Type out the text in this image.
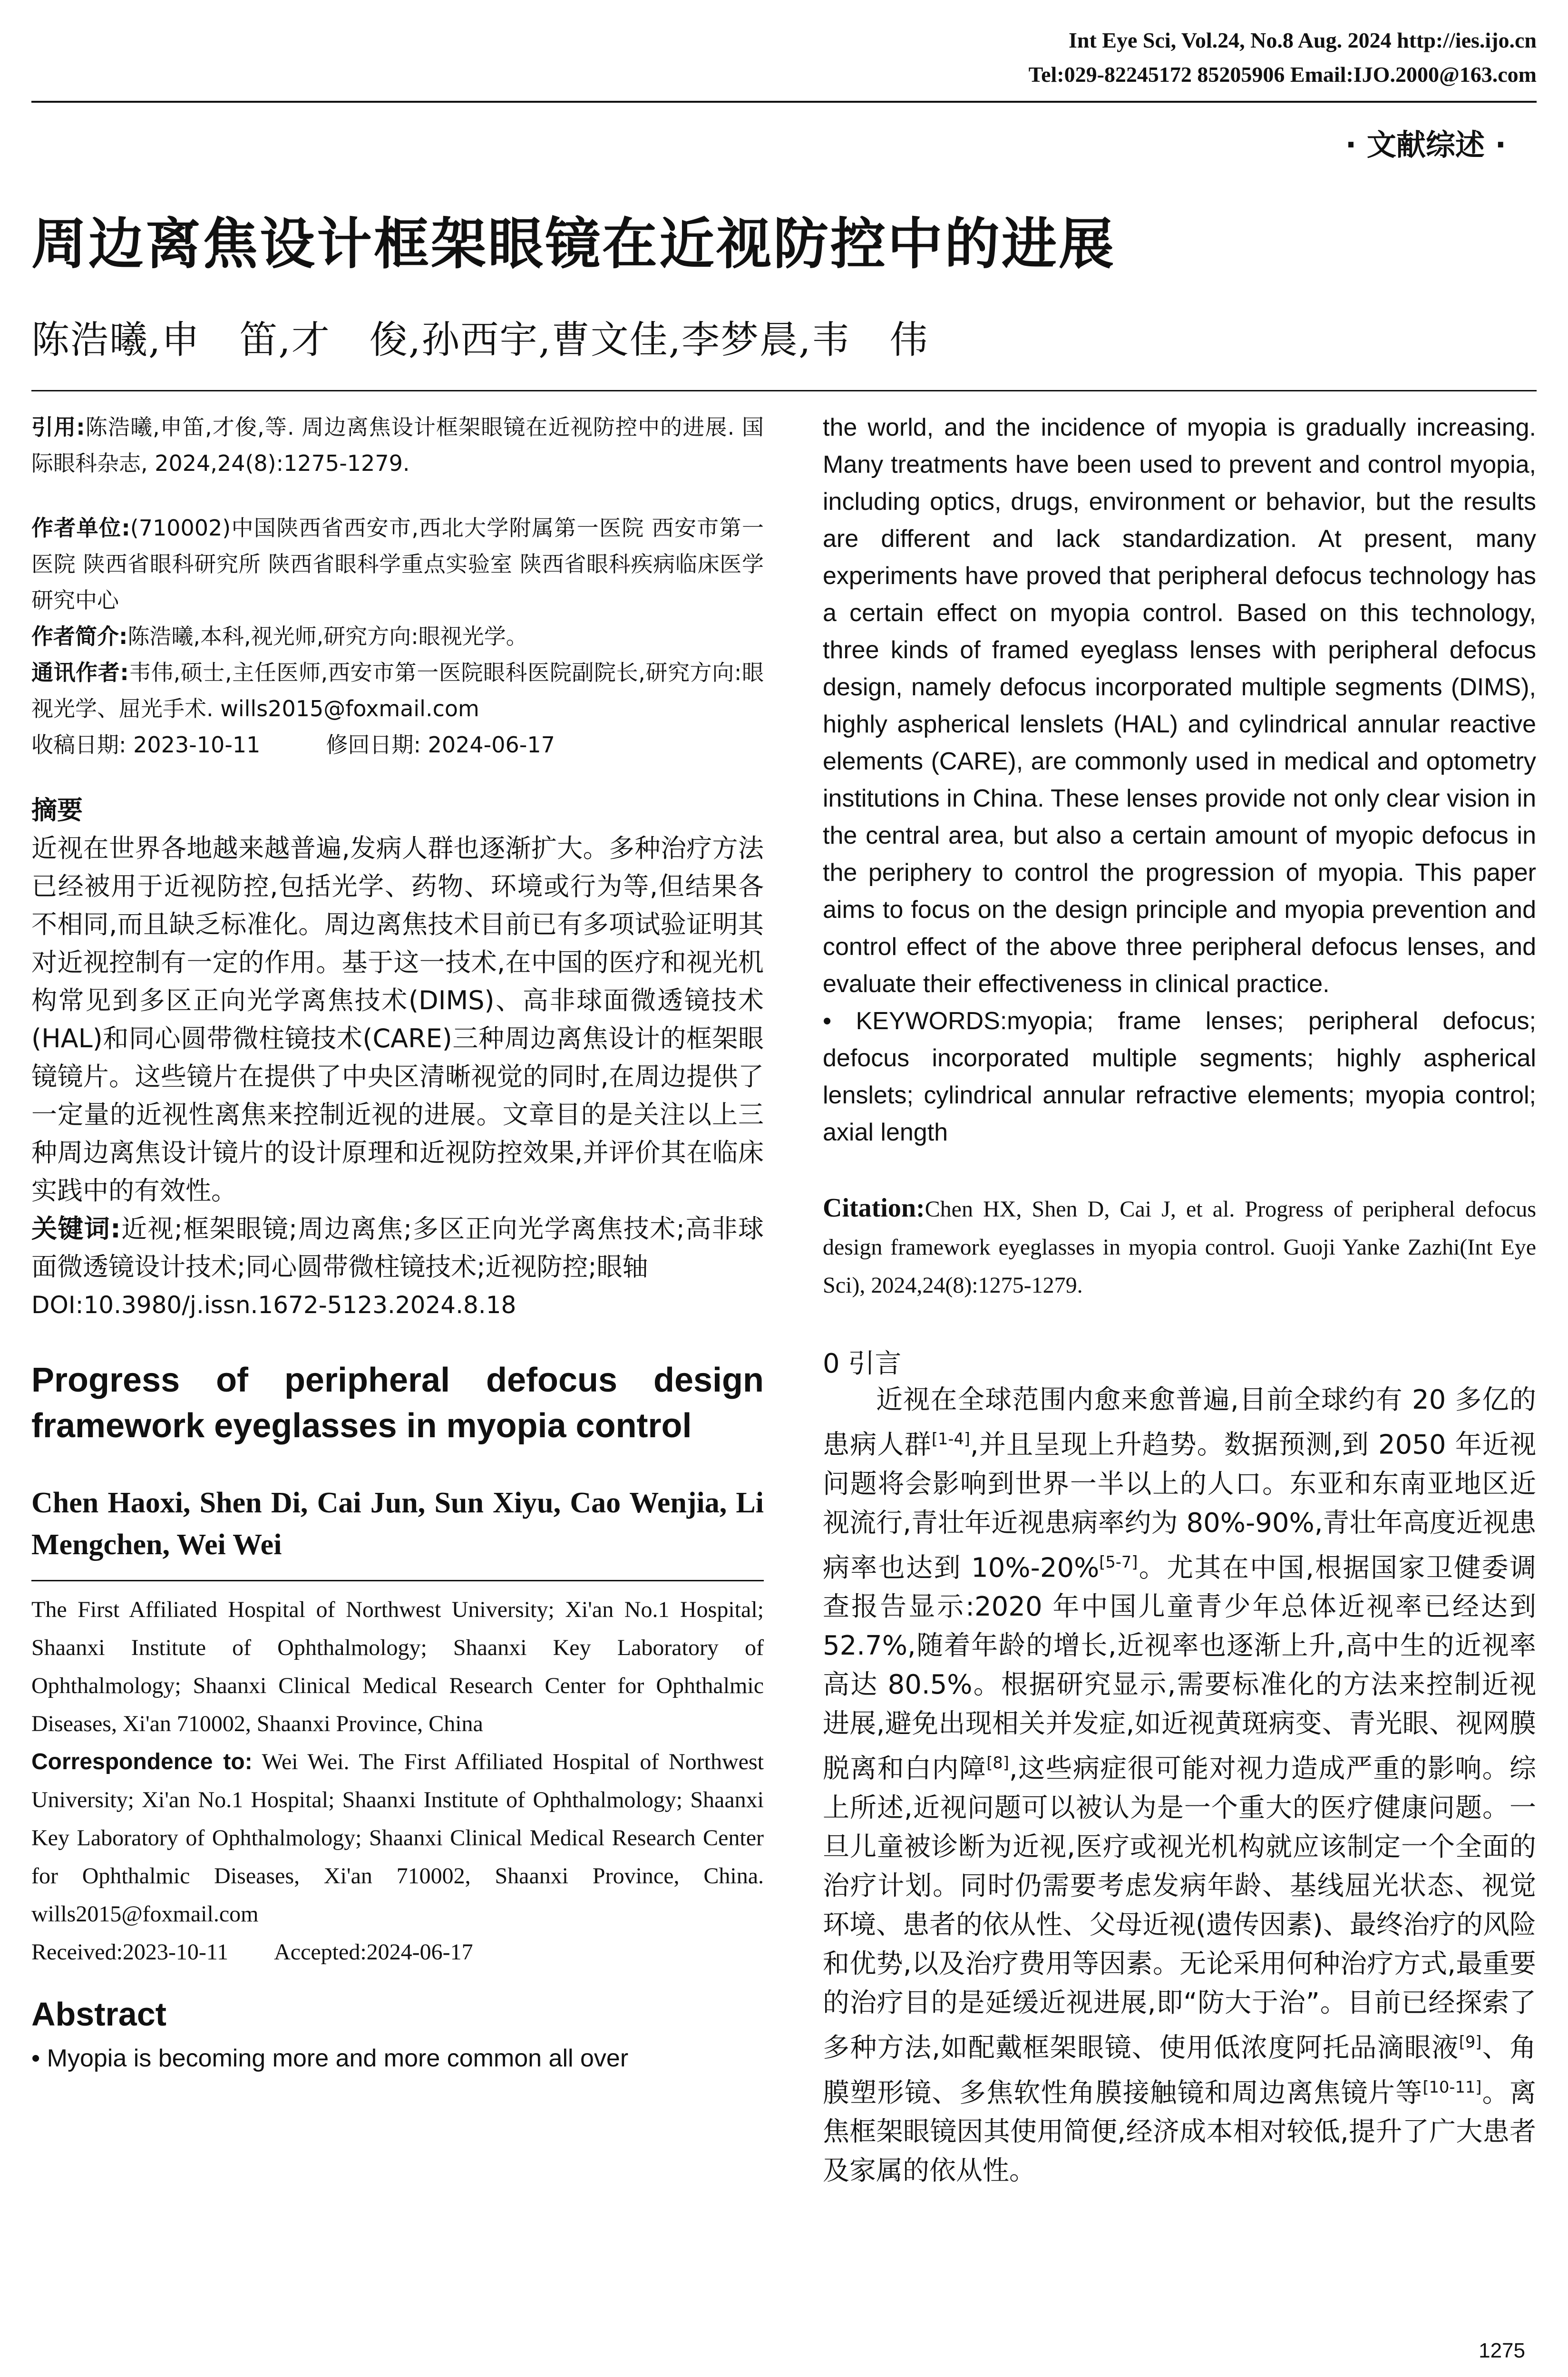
Int Eye Sci, Vol.24, No.8 Aug. 2024 http://ies.ijo.cn
Tel:029-82245172 85205906 Email:IJO.2000@163.com
· 文献综述 ·
周边离焦设计框架眼镜在近视防控中的进展
陈浩曦,申　笛,才　俊,孙西宇,曹文佳,李梦晨,韦　伟

引用:陈浩曦,申笛,才俊,等. 周边离焦设计框架眼镜在近视防控中的进展. 国际眼科杂志, 2024,24(8):1275-1279.

作者单位:(710002)中国陕西省西安市,西北大学附属第一医院 西安市第一医院 陕西省眼科研究所 陕西省眼科学重点实验室 陕西省眼科疾病临床医学研究中心

作者简介:陈浩曦,本科,视光师,研究方向:眼视光学。

通讯作者:韦伟,硕士,主任医师,西安市第一医院眼科医院副院长,研究方向:眼视光学、屈光手术. wills2015@foxmail.com

收稿日期: 2023-10-11　　　修回日期: 2024-06-17

摘要

近视在世界各地越来越普遍,发病人群也逐渐扩大。多种治疗方法已经被用于近视防控,包括光学、药物、环境或行为等,但结果各不相同,而且缺乏标准化。周边离焦技术目前已有多项试验证明其对近视控制有一定的作用。基于这一技术,在中国的医疗和视光机构常见到多区正向光学离焦技术(DIMS)、高非球面微透镜技术(HAL)和同心圆带微柱镜技术(CARE)三种周边离焦设计的框架眼镜镜片。这些镜片在提供了中央区清晰视觉的同时,在周边提供了一定量的近视性离焦来控制近视的进展。文章目的是关注以上三种周边离焦设计镜片的设计原理和近视防控效果,并评价其在临床实践中的有效性。

关键词:近视;框架眼镜;周边离焦;多区正向光学离焦技术;高非球面微透镜设计技术;同心圆带微柱镜技术;近视防控;眼轴

DOI:10.3980/j.issn.1672-5123.2024.8.18

Progress of peripheral defocus design framework eyeglasses in myopia control

Chen Haoxi, Shen Di, Cai Jun, Sun Xiyu, Cao Wenjia, Li Mengchen, Wei Wei

The First Affiliated Hospital of Northwest University; Xi'an No.1 Hospital; Shaanxi Institute of Ophthalmology; Shaanxi Key Laboratory of Ophthalmology; Shaanxi Clinical Medical Research Center for Ophthalmic Diseases, Xi'an 710002, Shaanxi Province, China

Correspondence to: Wei Wei. The First Affiliated Hospital of Northwest University; Xi'an No.1 Hospital; Shaanxi Institute of Ophthalmology; Shaanxi Key Laboratory of Ophthalmology; Shaanxi Clinical Medical Research Center for Ophthalmic Diseases, Xi'an 710002, Shaanxi Province, China. wills2015@foxmail.com

Received:2023-10-11　　Accepted:2024-06-17

Abstract

• Myopia is becoming more and more common all over

the world, and the incidence of myopia is gradually increasing. Many treatments have been used to prevent and control myopia, including optics, drugs, environment or behavior, but the results are different and lack standardization. At present, many experiments have proved that peripheral defocus technology has a certain effect on myopia control. Based on this technology, three kinds of framed eyeglass lenses with peripheral defocus design, namely defocus incorporated multiple segments (DIMS), highly aspherical lenslets (HAL) and cylindrical annular reactive elements (CARE), are commonly used in medical and optometry institutions in China. These lenses provide not only clear vision in the central area, but also a certain amount of myopic defocus in the periphery to control the progression of myopia. This paper aims to focus on the design principle and myopia prevention and control effect of the above three peripheral defocus lenses, and evaluate their effectiveness in clinical practice.

• KEYWORDS:myopia; frame lenses; peripheral defocus; defocus incorporated multiple segments; highly aspherical lenslets; cylindrical annular refractive elements; myopia control; axial length

Citation:Chen HX, Shen D, Cai J, et al. Progress of peripheral defocus design framework eyeglasses in myopia control. Guoji Yanke Zazhi(Int Eye Sci), 2024,24(8):1275-1279.

0 引言

近视在全球范围内愈来愈普遍,目前全球约有 20 多亿的患病人群[1-4],并且呈现上升趋势。数据预测,到 2050 年近视问题将会影响到世界一半以上的人口。东亚和东南亚地区近视流行,青壮年近视患病率约为 80%-90%,青壮年高度近视患病率也达到 10%-20%[5-7]。尤其在中国,根据国家卫健委调查报告显示:2020 年中国儿童青少年总体近视率已经达到 52.7%,随着年龄的增长,近视率也逐渐上升,高中生的近视率高达 80.5%。根据研究显示,需要标准化的方法来控制近视进展,避免出现相关并发症,如近视黄斑病变、青光眼、视网膜脱离和白内障[8],这些病症很可能对视力造成严重的影响。综上所述,近视问题可以被认为是一个重大的医疗健康问题。一旦儿童被诊断为近视,医疗或视光机构就应该制定一个全面的治疗计划。同时仍需要考虑发病年龄、基线屈光状态、视觉环境、患者的依从性、父母近视(遗传因素)、最终治疗的风险和优势,以及治疗费用等因素。无论采用何种治疗方式,最重要的治疗目的是延缓近视进展,即“防大于治”。目前已经探索了多种方法,如配戴框架眼镜、使用低浓度阿托品滴眼液[9]、角膜塑形镜、多焦软性角膜接触镜和周边离焦镜片等[10-11]。离焦框架眼镜因其使用简便,经济成本相对较低,提升了广大患者及家属的依从性。

1275
